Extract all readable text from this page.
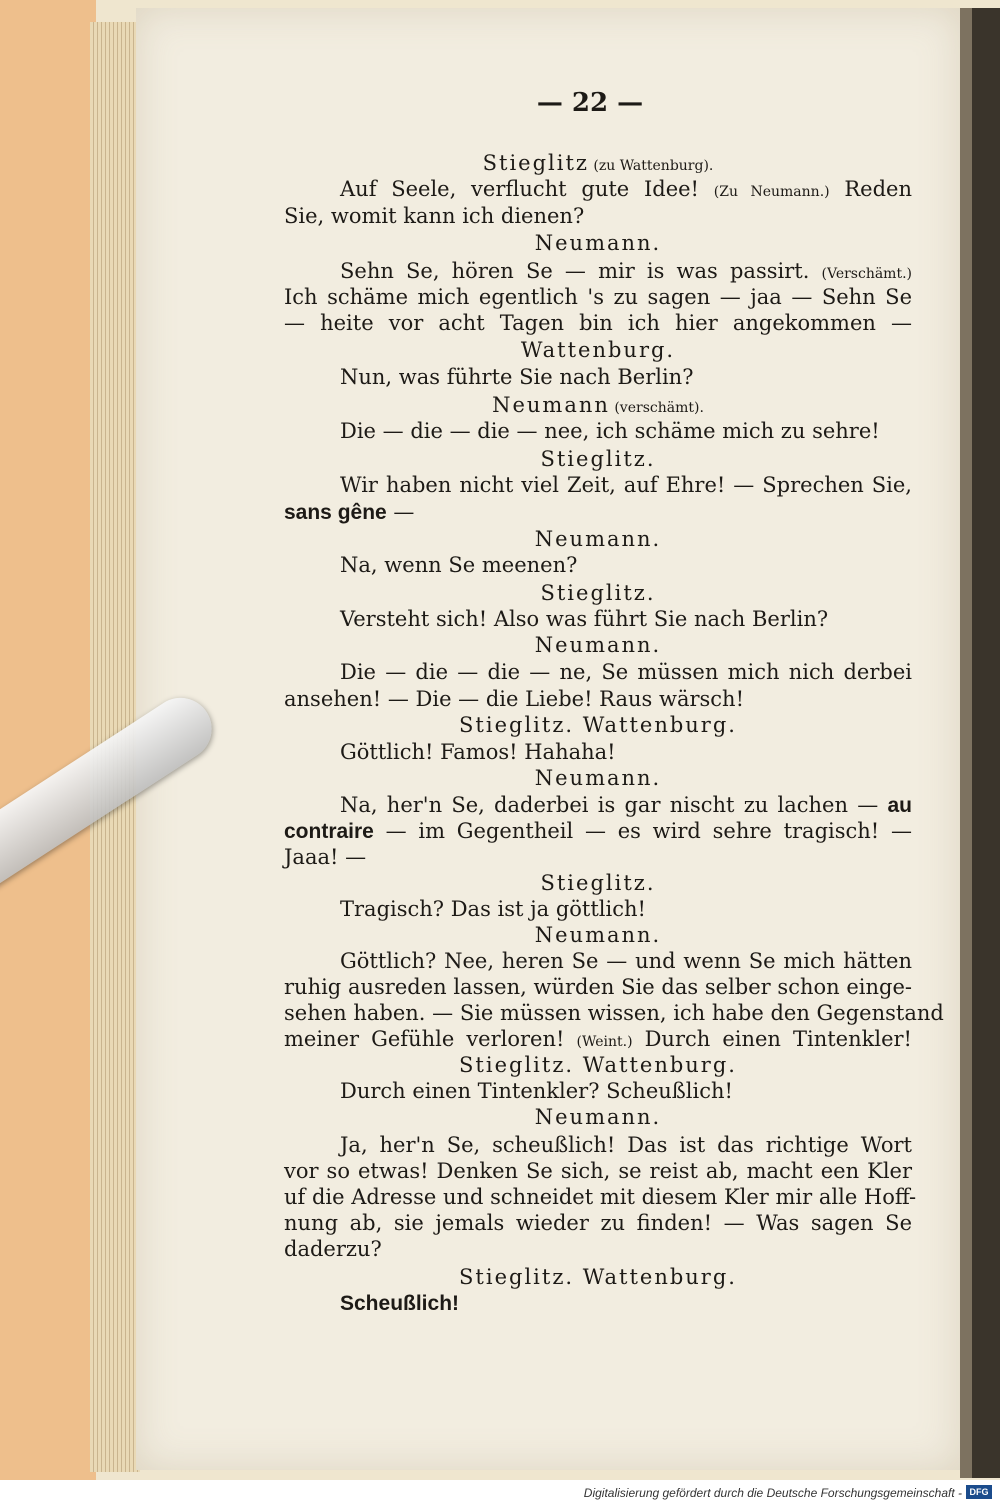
— 22 —
Stieglitz (zu Wattenburg).
Auf Seele, verflucht gute Idee! (Zu Neumann.) Reden
Sie, womit kann ich dienen?
Neumann.
Sehn Se, hören Se — mir is was passirt. (Verschämt.)
Ich schäme mich egentlich 's zu sagen — jaa — Sehn Se
— heite vor acht Tagen bin ich hier angekommen —
Wattenburg.
Nun, was führte Sie nach Berlin?
Neumann (verschämt).
Die — die — die — nee, ich schäme mich zu sehre!
Stieglitz.
Wir haben nicht viel Zeit, auf Ehre! — Sprechen Sie,
sans gêne —
Neumann.
Na, wenn Se meenen?
Stieglitz.
Versteht sich! Also was führt Sie nach Berlin?
Neumann.
Die — die — die — ne, Se müssen mich nich derbei
ansehen! — Die — die Liebe! Raus wärsch!
Stieglitz. Wattenburg.
Göttlich! Famos! Hahaha!
Neumann.
Na, her'n Se, daderbei is gar nischt zu lachen — au
contraire — im Gegentheil — es wird sehre tragisch! —
Jaaa! —
Stieglitz.
Tragisch? Das ist ja göttlich!
Neumann.
Göttlich? Nee, heren Se — und wenn Se mich hätten
ruhig ausreden lassen, würden Sie das selber schon einge-
sehen haben. — Sie müssen wissen, ich habe den Gegenstand
meiner Gefühle verloren! (Weint.) Durch einen Tintenkler!
Stieglitz. Wattenburg.
Durch einen Tintenkler? Scheußlich!
Neumann.
Ja, her'n Se, scheußlich! Das ist das richtige Wort
vor so etwas! Denken Se sich, se reist ab, macht een Kler
uf die Adresse und schneidet mit diesem Kler mir alle Hoff-
nung ab, sie jemals wieder zu finden! — Was sagen Se
daderzu?
Stieglitz. Wattenburg.
Scheußlich!
Digitalisierung gefördert durch die Deutsche Forschungsgemeinschaft - DFG
